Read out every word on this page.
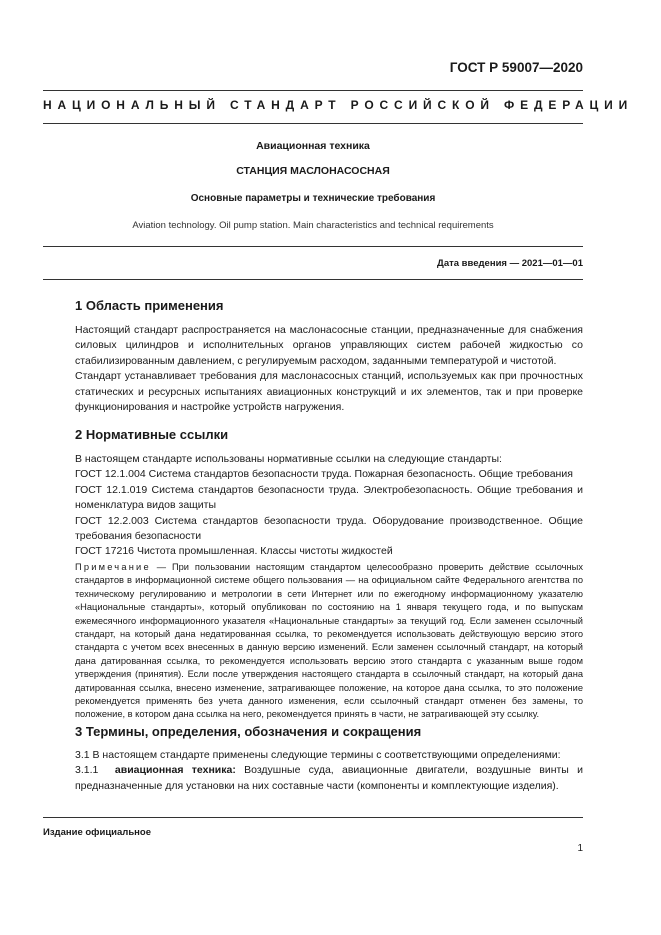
ГОСТ Р 59007—2020
НАЦИОНАЛЬНЫЙ СТАНДАРТ РОССИЙСКОЙ ФЕДЕРАЦИИ
Авиационная техника
СТАНЦИЯ МАСЛОНАСОСНАЯ
Основные параметры и технические требования
Aviation technology. Oil pump station. Main characteristics and technical requirements
Дата введения — 2021—01—01
1 Область применения

Настоящий стандарт распространяется на маслонасосные станции, предназначенные для снабжения силовых цилиндров и исполнительных органов управляющих систем рабочей жидкостью со стабилизированным давлением, с регулируемым расходом, заданными температурой и чистотой.

Стандарт устанавливает требования для маслонасосных станций, используемых как при прочностных статических и ресурсных испытаниях авиационных конструкций и их элементов, так и при проверке функционирования и настройке устройств нагружения.

2 Нормативные ссылки

В настоящем стандарте использованы нормативные ссылки на следующие стандарты:

ГОСТ 12.1.004 Система стандартов безопасности труда. Пожарная безопасность. Общие требования

ГОСТ 12.1.019 Система стандартов безопасности труда. Электробезопасность. Общие требования и номенклатура видов защиты

ГОСТ 12.2.003 Система стандартов безопасности труда. Оборудование производственное. Общие требования безопасности

ГОСТ 17216 Чистота промышленная. Классы чистоты жидкостей

Примечание — При пользовании настоящим стандартом целесообразно проверить действие ссылочных стандартов в информационной системе общего пользования — на официальном сайте Федерального агентства по техническому регулированию и метрологии в сети Интернет или по ежегодному информационному указателю «Национальные стандарты», который опубликован по состоянию на 1 января текущего года, и по выпускам ежемесячного информационного указателя «Национальные стандарты» за текущий год. Если заменен ссылочный стандарт, на который дана недатированная ссылка, то рекомендуется использовать действующую версию этого стандарта с учетом всех внесенных в данную версию изменений. Если заменен ссылочный стандарт, на который дана датированная ссылка, то рекомендуется использовать версию этого стандарта с указанным выше годом утверждения (принятия). Если после утверждения настоящего стандарта в ссылочный стандарт, на который дана датированная ссылка, внесено изменение, затрагивающее положение, на которое дана ссылка, то это положение рекомендуется применять без учета данного изменения, если ссылочный стандарт отменен без замены, то положение, в котором дана ссылка на него, рекомендуется принять в части, не затрагивающей эту ссылку.

3 Термины, определения, обозначения и сокращения

3.1 В настоящем стандарте применены следующие термины с соответствующими определениями:

3.1.1 авиационная техника: Воздушные суда, авиационные двигатели, воздушные винты и предназначенные для установки на них составные части (компоненты и комплектующие изделия).

Издание официальное
1
